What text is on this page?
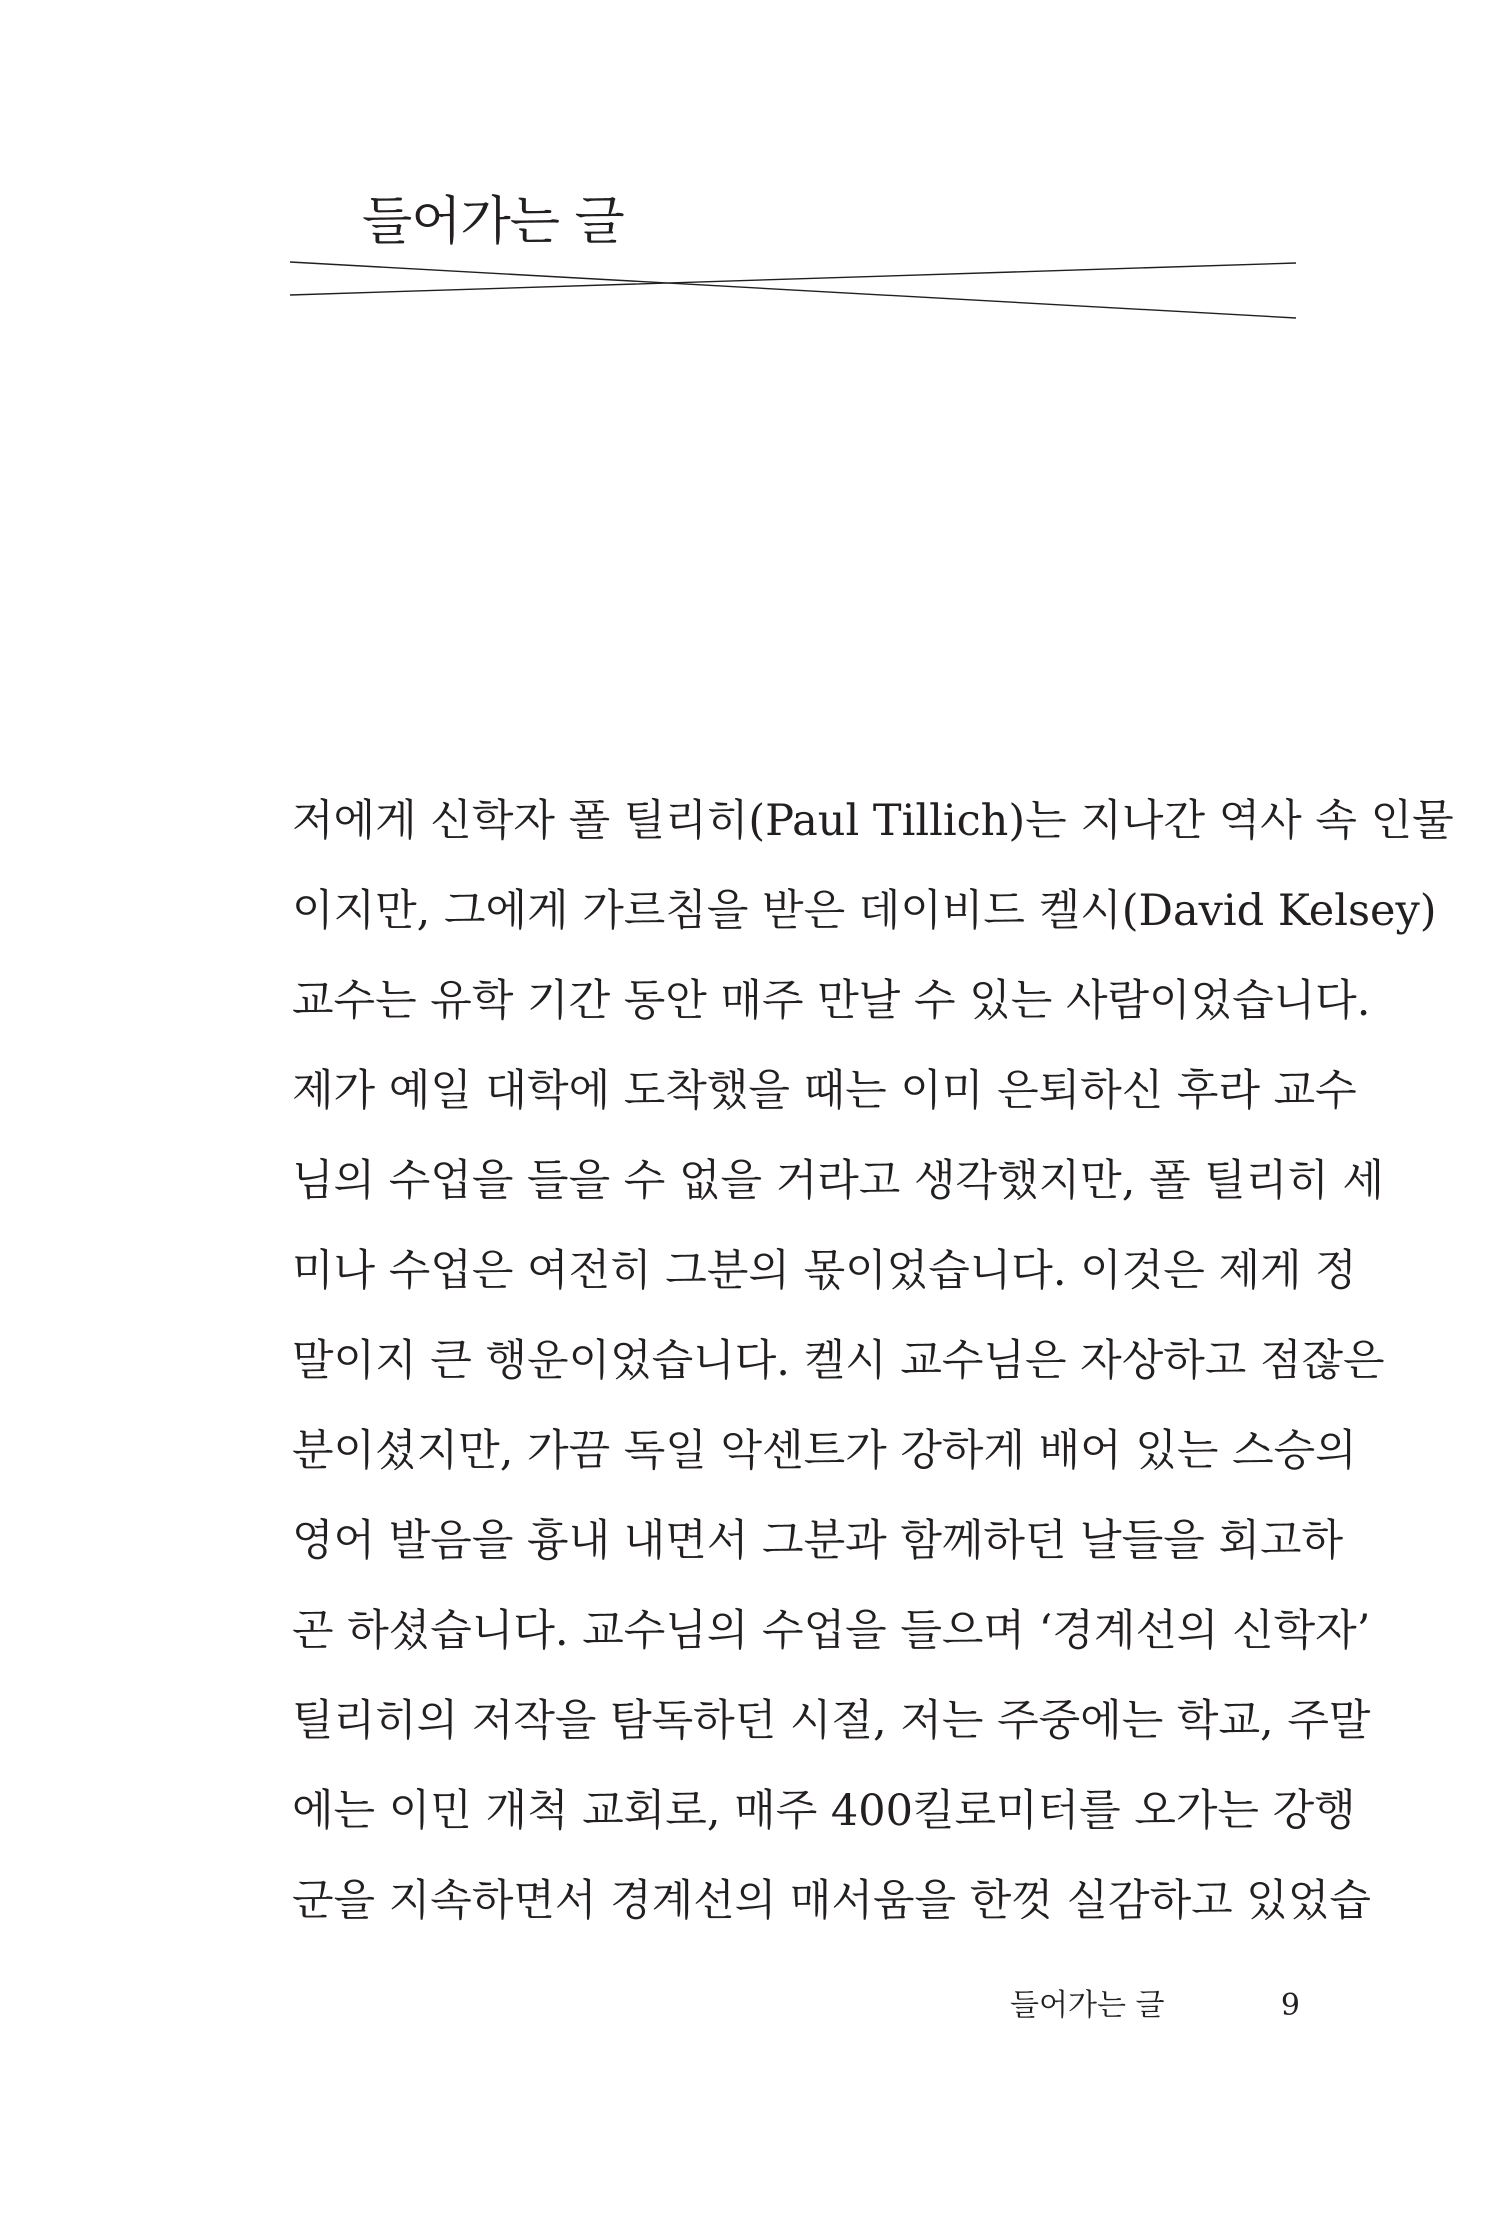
들어가는 글
저에게 신학자 폴 틸리히(Paul Tillich)는 지나간 역사 속 인물
이지만, 그에게 가르침을 받은 데이비드 켈시(David Kelsey)
교수는 유학 기간 동안 매주 만날 수 있는 사람이었습니다.
제가 예일 대학에 도착했을 때는 이미 은퇴하신 후라 교수
님의 수업을 들을 수 없을 거라고 생각했지만, 폴 틸리히 세
미나 수업은 여전히 그분의 몫이었습니다. 이것은 제게 정
말이지 큰 행운이었습니다. 켈시 교수님은 자상하고 점잖은
분이셨지만, 가끔 독일 악센트가 강하게 배어 있는 스승의
영어 발음을 흉내 내면서 그분과 함께하던 날들을 회고하
곤 하셨습니다. 교수님의 수업을 들으며 ‘경계선의 신학자’
틸리히의 저작을 탐독하던 시절, 저는 주중에는 학교, 주말
에는 이민 개척 교회로, 매주 400킬로미터를 오가는 강행
군을 지속하면서 경계선의 매서움을 한껏 실감하고 있었습
들어가는 글	9
